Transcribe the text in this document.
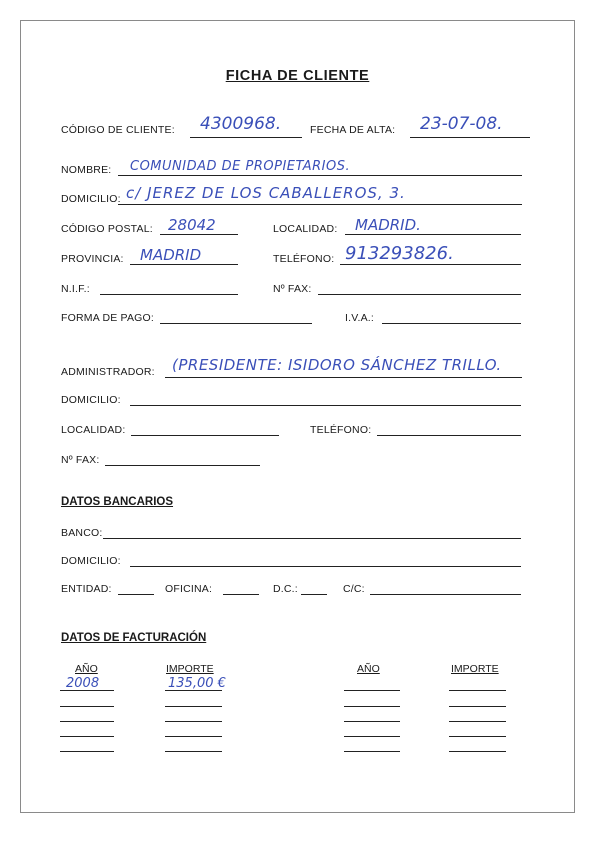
FICHA DE CLIENTE
CÓDIGO DE CLIENTE: 4300968.	FECHA DE ALTA: 23-07-08.
NOMBRE: COMUNIDAD DE PROPIETARIOS.
DOMICILIO: c/ JEREZ DE LOS CABALLEROS, 3.
CÓDIGO POSTAL: 28042	LOCALIDAD: MADRID.
PROVINCIA: MADRID	TELÉFONO: 913293826.
N.I.F.:	Nº FAX:
FORMA DE PAGO:	I.V.A.:
ADMINISTRADOR: (PRESIDENTE: ISIDORO SÁNCHEZ TRILLO.
DOMICILIO:
LOCALIDAD:	TELÉFONO:
Nº FAX:
DATOS BANCARIOS
BANCO:
DOMICILIO:
ENTIDAD:	OFICINA:	D.C.:	C/C:
DATOS DE FACTURACIÓN
AÑO	IMPORTE	AÑO	IMPORTE
2008	135,00 €
